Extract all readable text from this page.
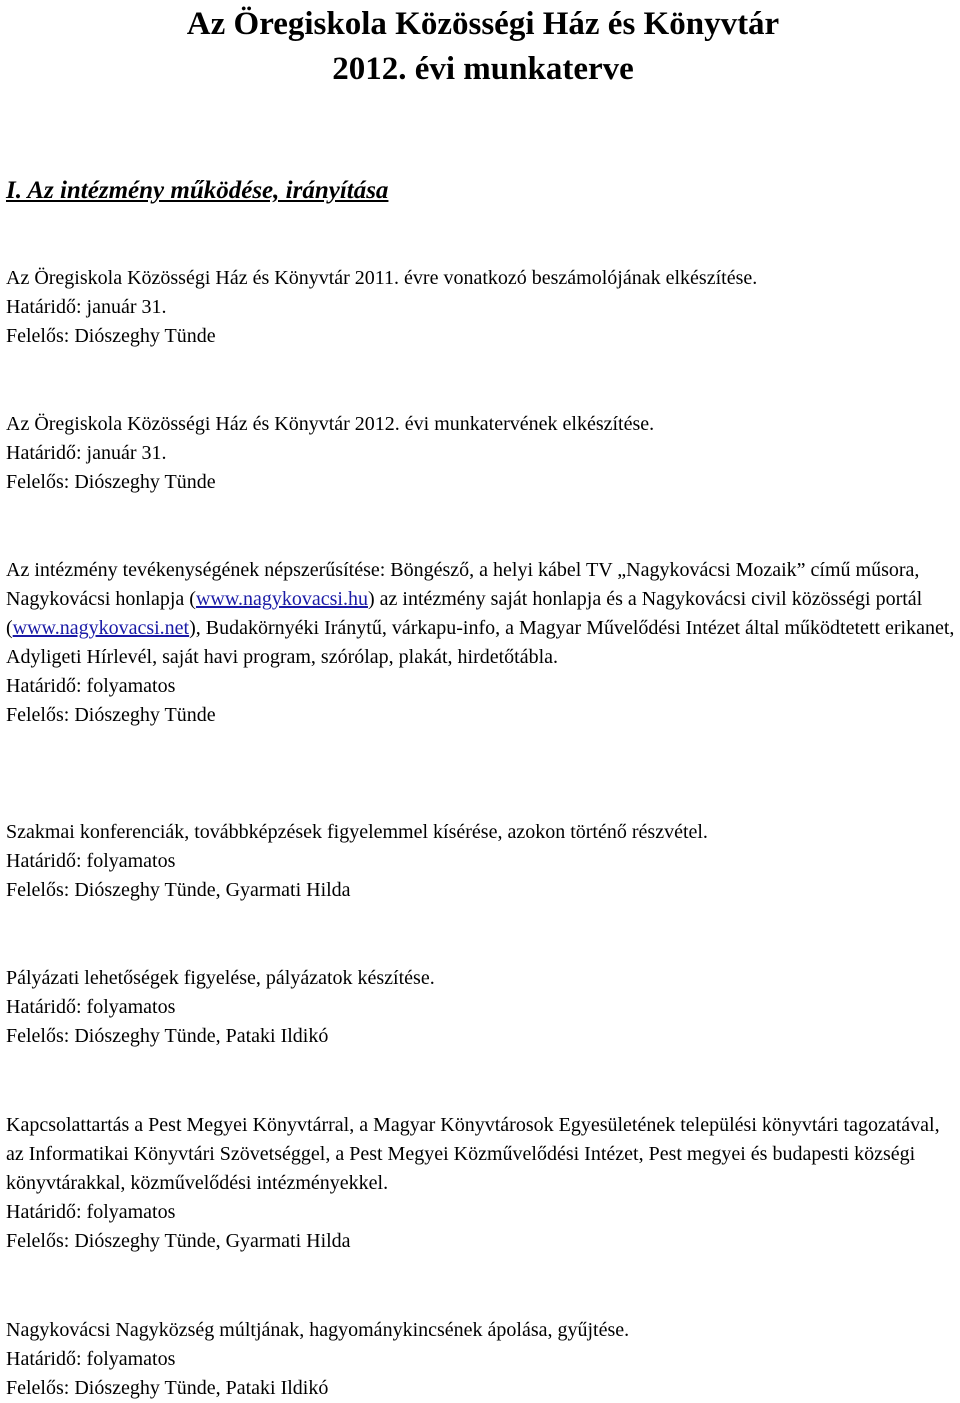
Az Öregiskola Közösségi Ház és Könyvtár
2012. évi munkaterve
I. Az intézmény működése, irányítása

Az Öregiskola Közösségi Ház és Könyvtár 2011. évre vonatkozó beszámolójának elkészítése.

Határidő: január 31.

Felelős: Diószeghy Tünde

Az Öregiskola Közösségi Ház és Könyvtár 2012. évi munkatervének elkészítése.

Határidő: január 31.

Felelős: Diószeghy Tünde

Az intézmény tevékenységének népszerűsítése: Böngésző, a helyi kábel TV „Nagykovácsi Mozaik” című műsora, Nagykovácsi honlapja (www.nagykovacsi.hu) az intézmény saját honlapja és a Nagykovácsi civil közösségi portál (www.nagykovacsi.net), Budakörnyéki Iránytű, várkapu-info, a Magyar Művelődési Intézet által működtetett erikanet, Adyligeti Hírlevél, saját havi program, szórólap, plakát, hirdetőtábla.

Határidő: folyamatos

Felelős: Diószeghy Tünde

Szakmai konferenciák, továbbképzések figyelemmel kísérése, azokon történő részvétel.

Határidő: folyamatos

Felelős: Diószeghy Tünde, Gyarmati Hilda

Pályázati lehetőségek figyelése, pályázatok készítése.

Határidő: folyamatos

Felelős: Diószeghy Tünde, Pataki Ildikó

Kapcsolattartás a Pest Megyei Könyvtárral, a Magyar Könyvtárosok Egyesületének települési könyvtári tagozatával, az Informatikai Könyvtári Szövetséggel, a Pest Megyei Közművelődési Intézet, Pest megyei és budapesti községi könyvtárakkal, közművelődési intézményekkel.

Határidő: folyamatos

Felelős: Diószeghy Tünde, Gyarmati Hilda

Nagykovácsi Nagyközség múltjának, hagyománykincsének ápolása, gyűjtése.

Határidő: folyamatos

Felelős: Diószeghy Tünde, Pataki Ildikó
